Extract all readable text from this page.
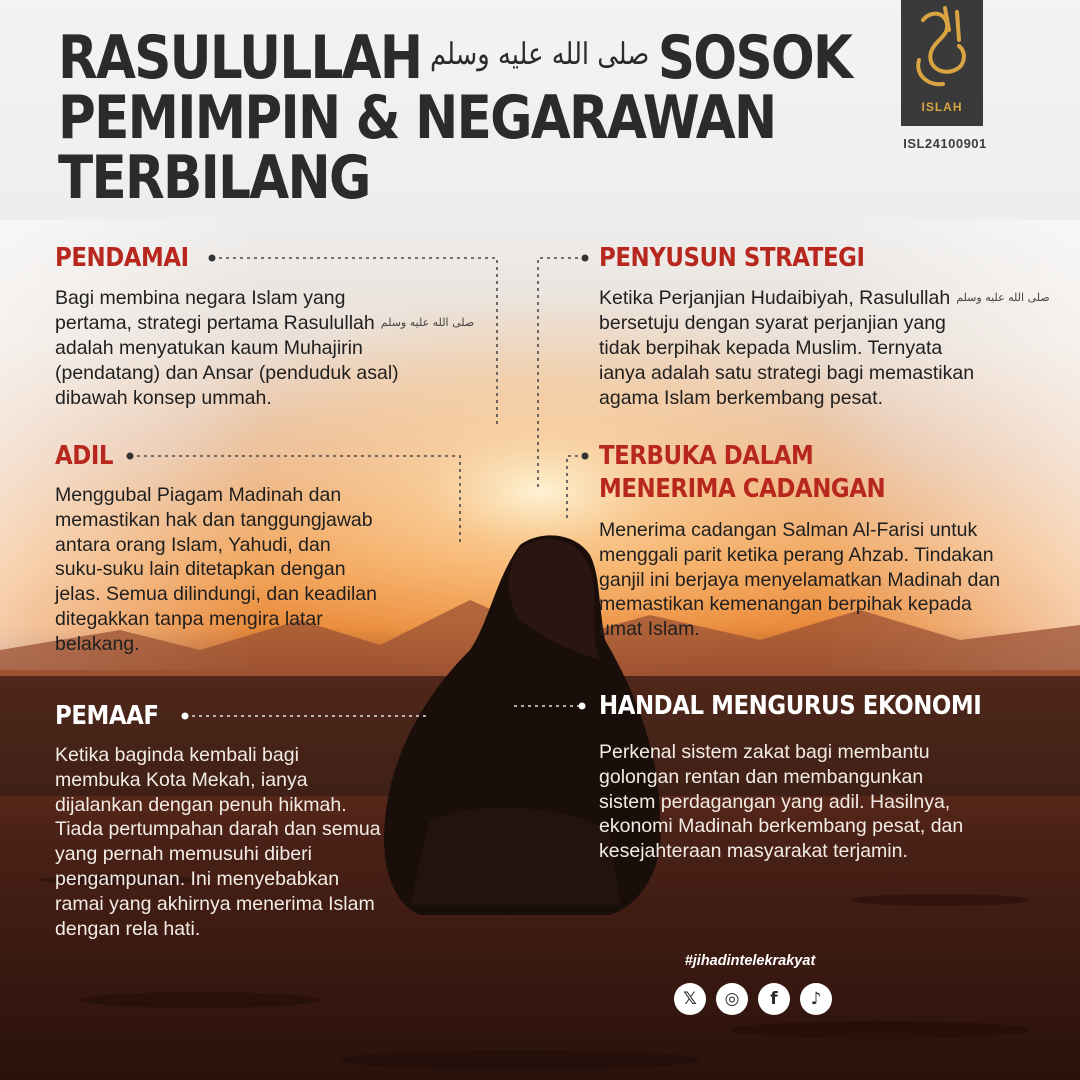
RASULULLAH صلى الله عليه وسلم SOSOK
PEMIMPIN & NEGARAWAN
TERBILANG
ISLAH
ISL24100901
PENDAMAI
Bagi membina negara Islam yang
pertama, strategi pertama Rasulullah صلى الله عليه وسلم
adalah menyatukan kaum Muhajirin
(pendatang) dan Ansar (penduduk asal)
dibawah konsep ummah.
ADIL
Menggubal Piagam Madinah dan
memastikan hak dan tanggungjawab
antara orang Islam, Yahudi, dan
suku-suku lain ditetapkan dengan
jelas. Semua dilindungi, dan keadilan
ditegakkan tanpa mengira latar
belakang.
PEMAAF
Ketika baginda kembali bagi
membuka Kota Mekah, ianya
dijalankan dengan penuh hikmah.
Tiada pertumpahan darah dan semua
yang pernah memusuhi diberi
pengampunan. Ini menyebabkan
ramai yang akhirnya menerima Islam
dengan rela hati.
PENYUSUN STRATEGI
Ketika Perjanjian Hudaibiyah, Rasulullah صلى الله عليه وسلم
bersetuju dengan syarat perjanjian yang
tidak berpihak kepada Muslim. Ternyata
ianya adalah satu strategi bagi memastikan
agama Islam berkembang pesat.
TERBUKA DALAM
MENERIMA CADANGAN
Menerima cadangan Salman Al-Farisi untuk
menggali parit ketika perang Ahzab. Tindakan
ganjil ini berjaya menyelamatkan Madinah dan
memastikan kemenangan berpihak kepada
umat Islam.
HANDAL MENGURUS EKONOMI
Perkenal sistem zakat bagi membantu
golongan rentan dan membangunkan
sistem perdagangan yang adil. Hasilnya,
ekonomi Madinah berkembang pesat, dan
kesejahteraan masyarakat terjamin.
#jihadintelekrakyat
𝕏	◎	f	♪
